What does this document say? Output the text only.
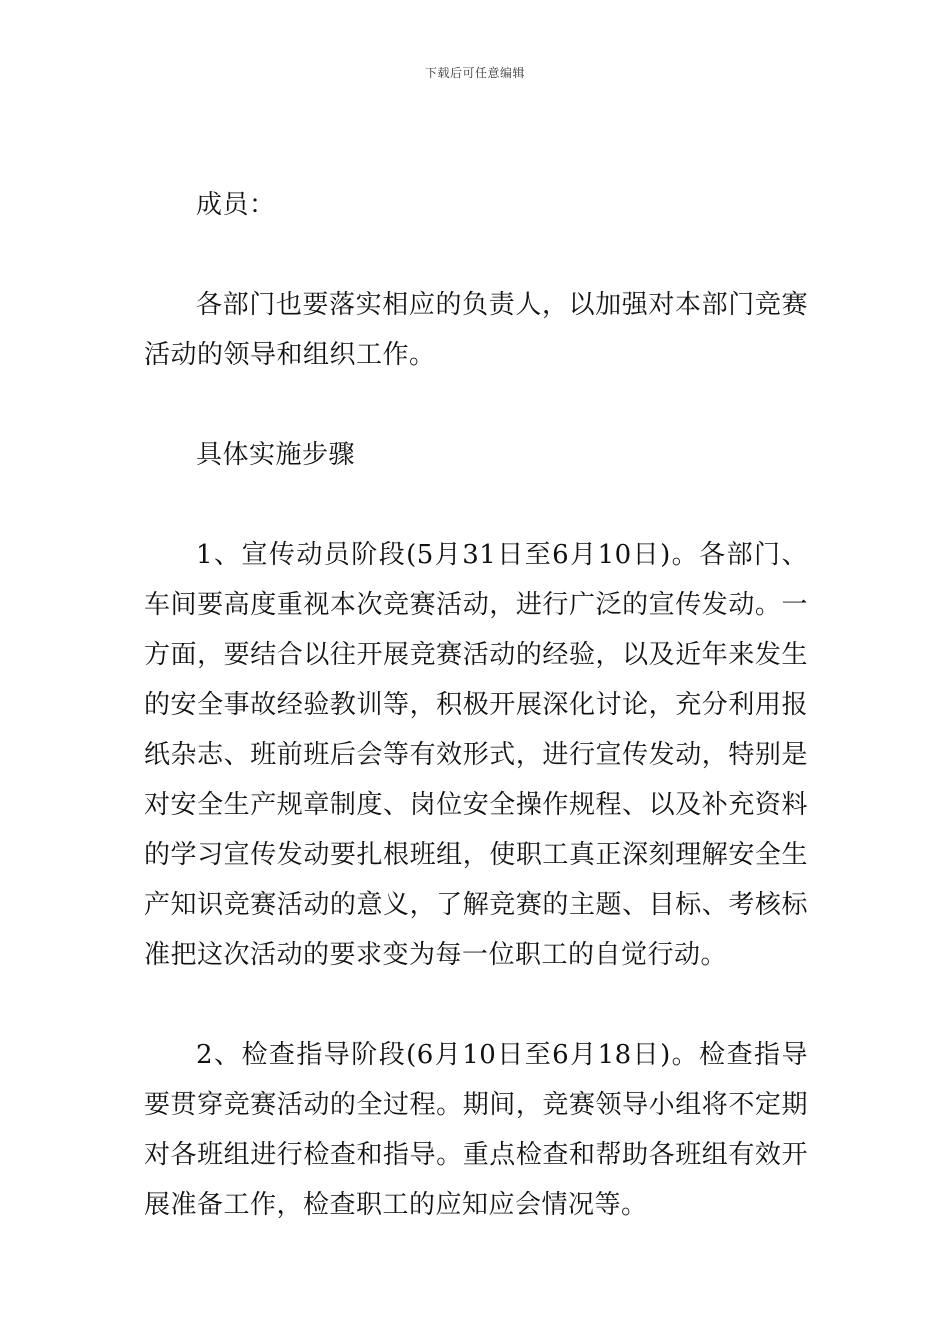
下载后可任意编辑

成员：

各部门也要落实相应的负责人，以加强对本部门竞赛活动的领导和组织工作。

具体实施步骤

1、宣传动员阶段(5月31日至6月10日)。各部门、车间要高度重视本次竞赛活动，进行广泛的宣传发动。一方面，要结合以往开展竞赛活动的经验，以及近年来发生的安全事故经验教训等，积极开展深化讨论，充分利用报纸杂志、班前班后会等有效形式，进行宣传发动，特别是对安全生产规章制度、岗位安全操作规程、以及补充资料的学习宣传发动要扎根班组，使职工真正深刻理解安全生产知识竞赛活动的意义，了解竞赛的主题、目标、考核标准把这次活动的要求变为每一位职工的自觉行动。

2、检查指导阶段(6月10日至6月18日)。检查指导要贯穿竞赛活动的全过程。期间，竞赛领导小组将不定期对各班组进行检查和指导。重点检查和帮助各班组有效开展准备工作，检查职工的应知应会情况等。
